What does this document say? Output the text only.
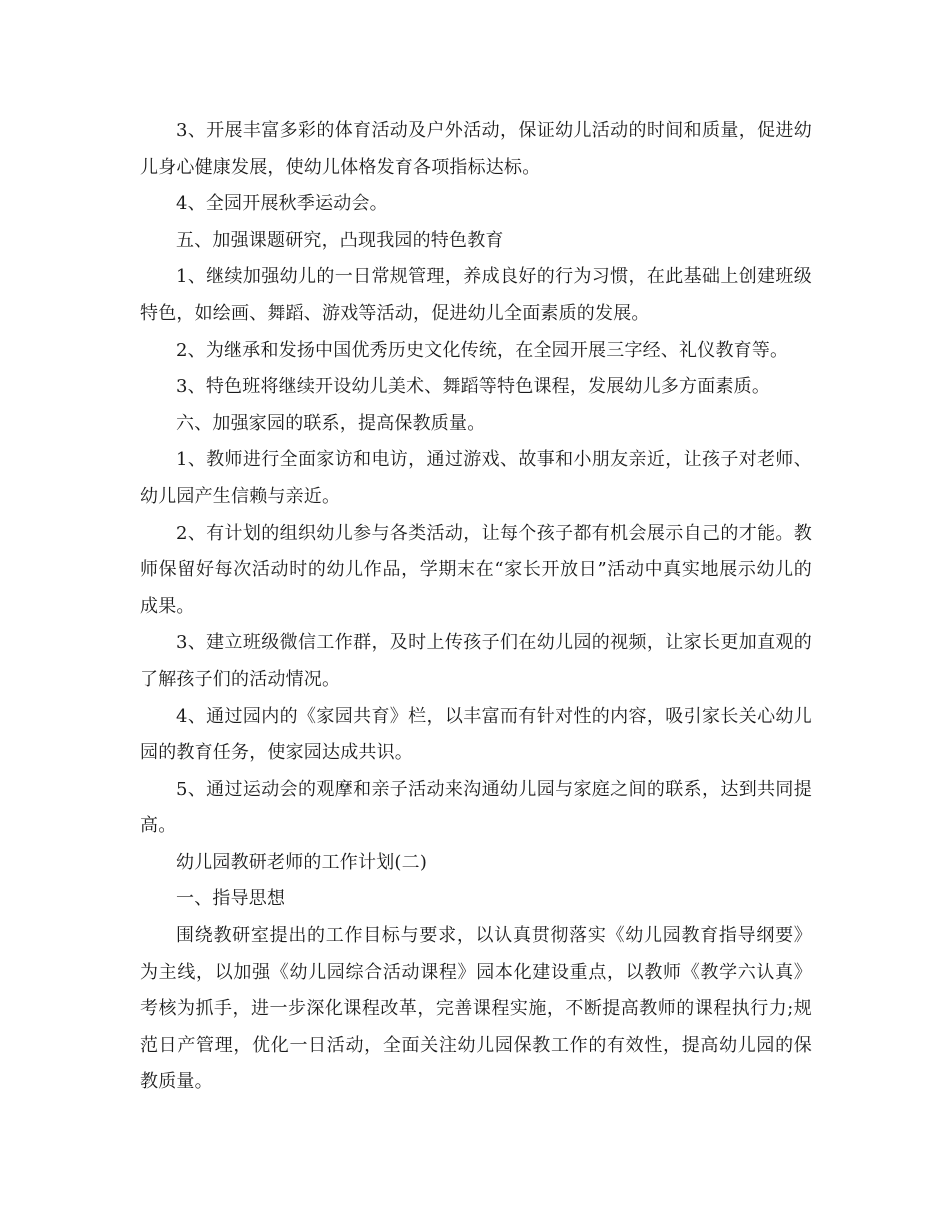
3、开展丰富多彩的体育活动及户外活动，保证幼儿活动的时间和质量，促进幼儿身心健康发展，使幼儿体格发育各项指标达标。

4、全园开展秋季运动会。

五、加强课题研究，凸现我园的特色教育

1、继续加强幼儿的一日常规管理，养成良好的行为习惯，在此基础上创建班级特色，如绘画、舞蹈、游戏等活动，促进幼儿全面素质的发展。

2、为继承和发扬中国优秀历史文化传统，在全园开展三字经、礼仪教育等。

3、特色班将继续开设幼儿美术、舞蹈等特色课程，发展幼儿多方面素质。

六、加强家园的联系，提高保教质量。

1、教师进行全面家访和电访，通过游戏、故事和小朋友亲近，让孩子对老师、幼儿园产生信赖与亲近。

2、有计划的组织幼儿参与各类活动，让每个孩子都有机会展示自己的才能。教师保留好每次活动时的幼儿作品，学期末在“家长开放日”活动中真实地展示幼儿的成果。

3、建立班级微信工作群，及时上传孩子们在幼儿园的视频，让家长更加直观的了解孩子们的活动情况。

4、通过园内的《家园共育》栏，以丰富而有针对性的内容，吸引家长关心幼儿园的教育任务，使家园达成共识。

5、通过运动会的观摩和亲子活动来沟通幼儿园与家庭之间的联系，达到共同提高。

幼儿园教研老师的工作计划(二)

一、指导思想

围绕教研室提出的工作目标与要求，以认真贯彻落实《幼儿园教育指导纲要》为主线，以加强《幼儿园综合活动课程》园本化建设重点，以教师《教学六认真》考核为抓手，进一步深化课程改革，完善课程实施，不断提高教师的课程执行力;规范日产管理，优化一日活动，全面关注幼儿园保教工作的有效性，提高幼儿园的保教质量。
